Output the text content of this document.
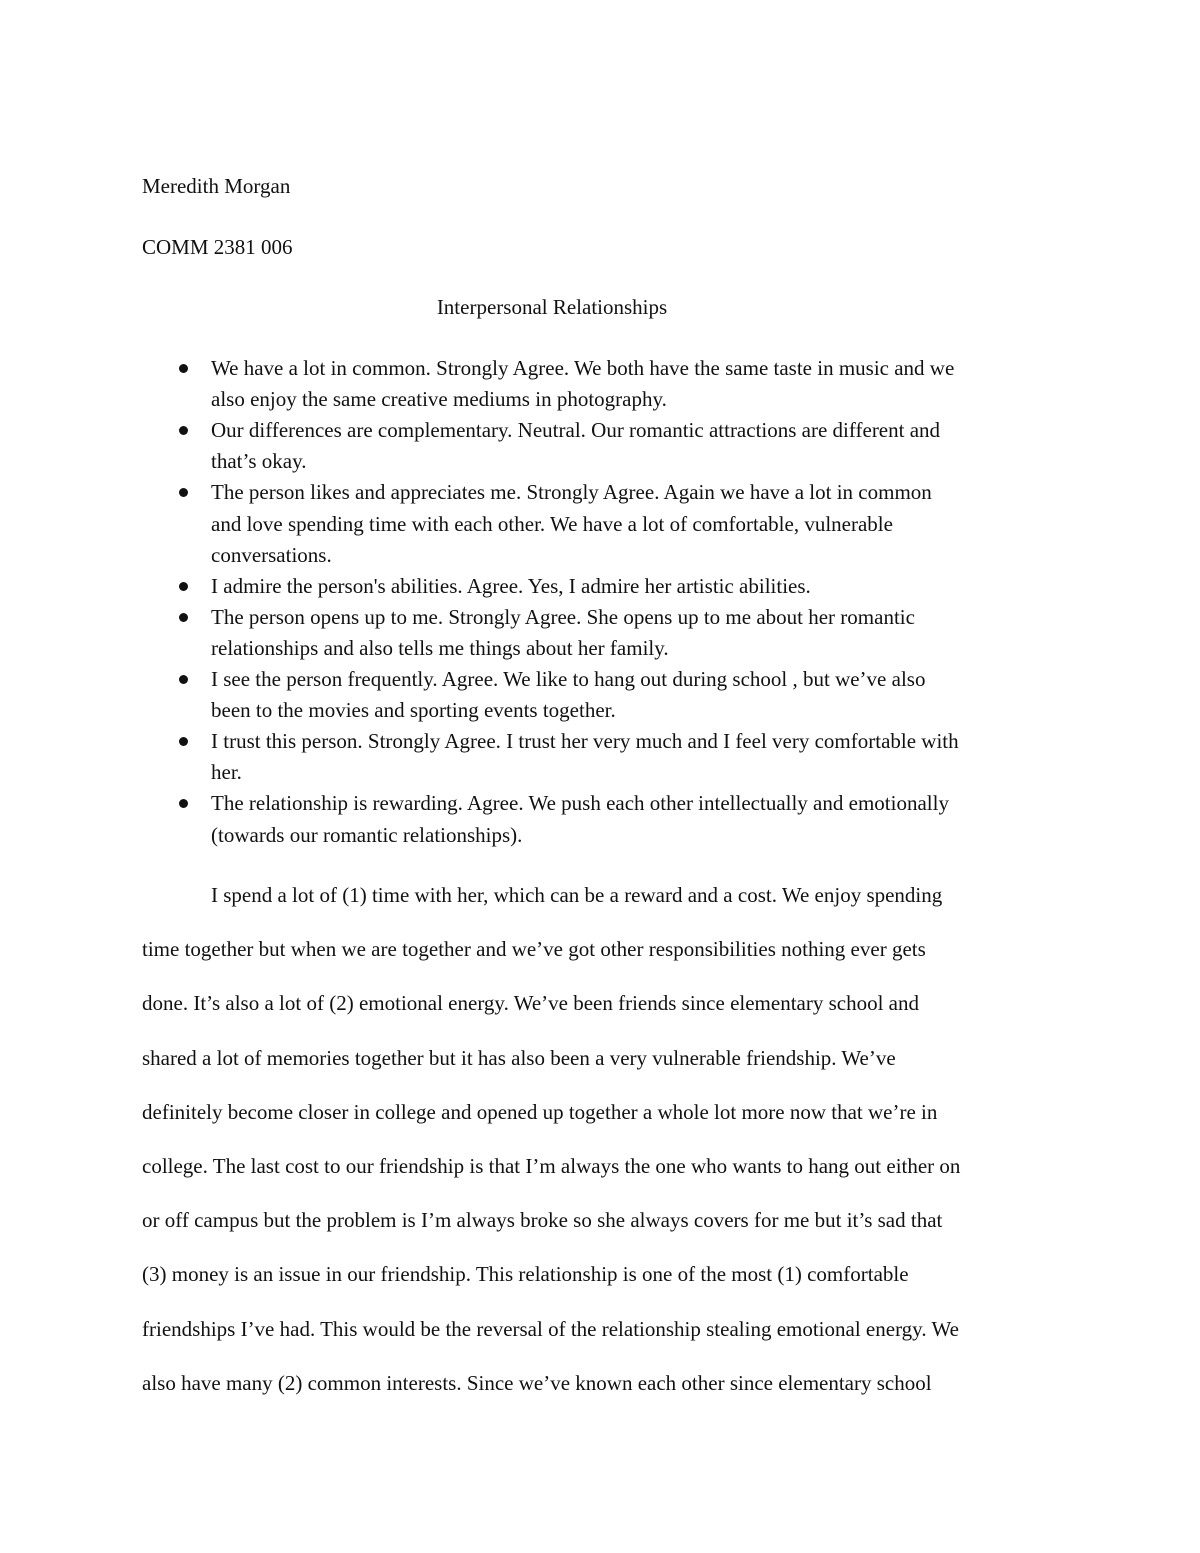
Meredith Morgan
COMM 2381 006
Interpersonal Relationships
We have a lot in common. Strongly Agree. We both have the same taste in music and we
also enjoy the same creative mediums in photography.
Our differences are complementary. Neutral. Our romantic attractions are different and
that’s okay.
The person likes and appreciates me. Strongly Agree. Again we have a lot in common
and love spending time with each other. We have a lot of comfortable, vulnerable
conversations.
I admire the person's abilities. Agree. Yes, I admire her artistic abilities.
The person opens up to me. Strongly Agree. She opens up to me about her romantic
relationships and also tells me things about her family.
I see the person frequently. Agree. We like to hang out during school , but we’ve also
been to the movies and sporting events together.
I trust this person. Strongly Agree. I trust her very much and I feel very comfortable with
her.
The relationship is rewarding. Agree. We push each other intellectually and emotionally
(towards our romantic relationships).
I spend a lot of (1) time with her, which can be a reward and a cost. We enjoy spending
time together but when we are together and we’ve got other responsibilities nothing ever gets
done. It’s also a lot of (2) emotional energy. We’ve been friends since elementary school and
shared a lot of memories together but it has also been a very vulnerable friendship. We’ve
definitely become closer in college and opened up together a whole lot more now that we’re in
college. The last cost to our friendship is that I’m always the one who wants to hang out either on
or off campus but the problem is I’m always broke so she always covers for me but it’s sad that
(3) money is an issue in our friendship. This relationship is one of the most (1) comfortable
friendships I’ve had. This would be the reversal of the relationship stealing emotional energy. We
also have many (2) common interests. Since we’ve known each other since elementary school
